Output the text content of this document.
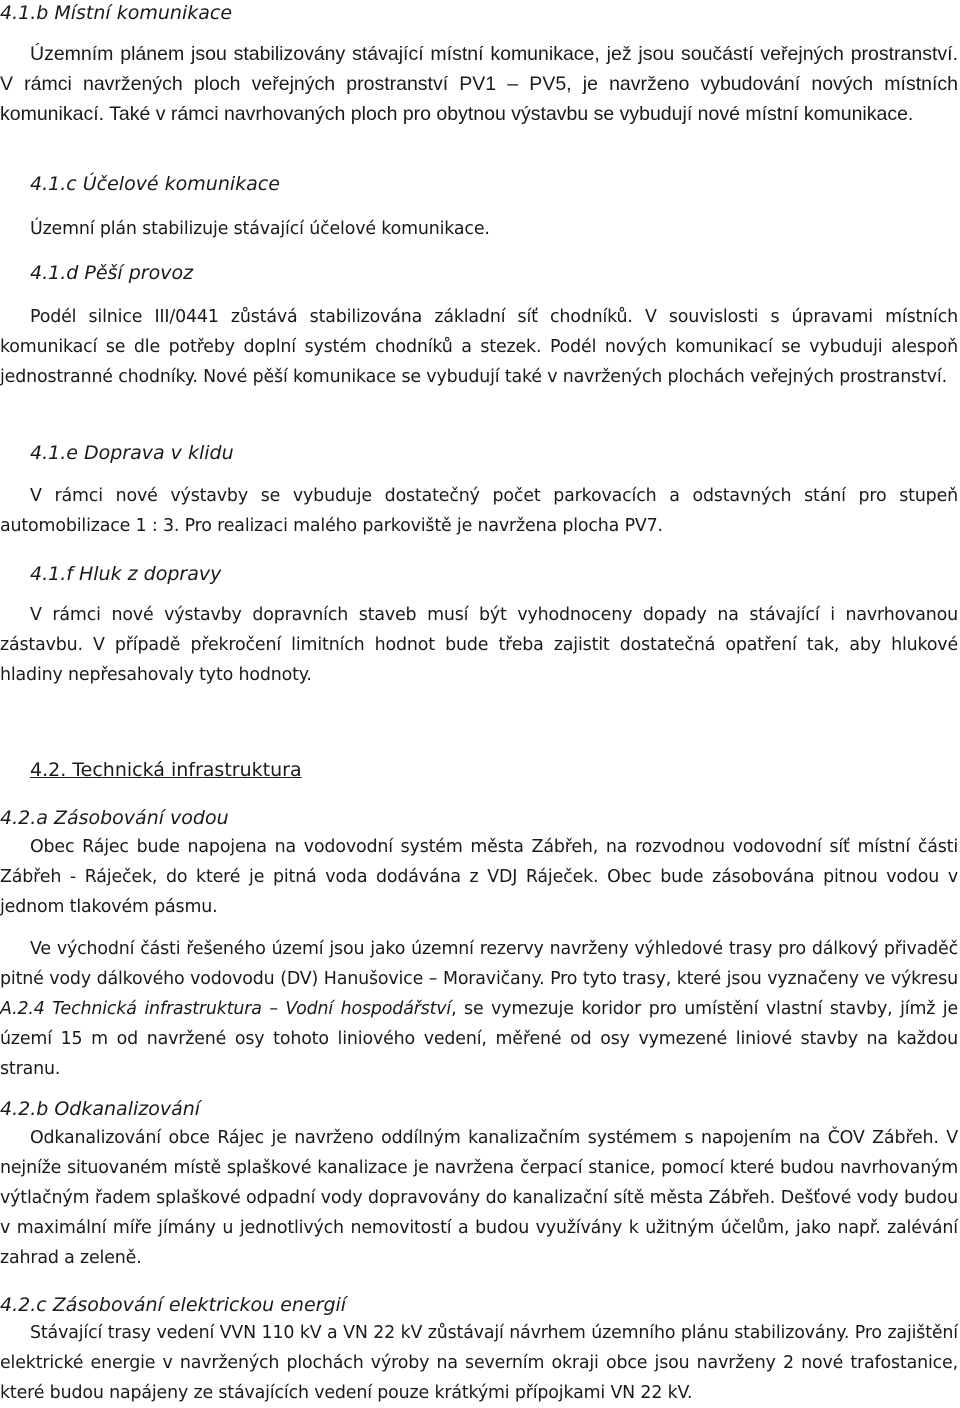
4.1.b Místní komunikace
Územním plánem jsou stabilizovány stávající místní komunikace, jež jsou součástí veřejných prostranství. V rámci navržených ploch veřejných prostranství PV1 – PV5, je navrženo vybudování nových místních komunikací. Také v rámci navrhovaných ploch pro obytnou výstavbu se vybudují nové místní komunikace.
4.1.c Účelové komunikace
Územní plán stabilizuje stávající účelové komunikace.
4.1.d Pěší provoz
Podél silnice III/0441 zůstává stabilizována základní síť chodníků. V souvislosti s úpravami místních komunikací se dle potřeby doplní systém chodníků a stezek. Podél nových komunikací se vybuduji alespoň jednostranné chodníky. Nové pěší komunikace se vybudují také v navržených plochách veřejných prostranství.
4.1.e Doprava v klidu
V rámci nové výstavby se vybuduje dostatečný počet parkovacích a odstavných stání pro stupeň automobilizace 1 : 3. Pro realizaci malého parkoviště je navržena plocha PV7.
4.1.f Hluk z dopravy
V rámci nové výstavby dopravních staveb musí být vyhodnoceny dopady na stávající i navrhovanou zástavbu. V případě překročení limitních hodnot bude třeba zajistit dostatečná opatření tak, aby hlukové hladiny nepřesahovaly tyto hodnoty.
4.2. Technická infrastruktura
4.2.a Zásobování vodou
Obec Rájec bude napojena na vodovodní systém města Zábřeh, na rozvodnou vodovodní síť místní části Zábřeh - Ráječek, do které je pitná voda dodávána z VDJ Ráječek. Obec bude zásobována pitnou vodou v jednom tlakovém pásmu.
Ve východní části řešeného území jsou jako územní rezervy navrženy výhledové trasy pro dálkový přivaděč pitné vody dálkového vodovodu (DV) Hanušovice – Moravičany. Pro tyto trasy, které jsou vyznačeny ve výkresu A.2.4 Technická infrastruktura – Vodní hospodářství, se vymezuje koridor pro umístění vlastní stavby, jímž je území 15 m od navržené osy tohoto liniového vedení, měřené od osy vymezené liniové stavby na každou stranu.
4.2.b Odkanalizování
Odkanalizování obce Rájec je navrženo oddílným kanalizačním systémem s napojením na ČOV Zábřeh. V nejníže situovaném místě splaškové kanalizace je navržena čerpací stanice, pomocí které budou navrhovaným výtlačným řadem splaškové odpadní vody dopravovány do kanalizační sítě města Zábřeh. Dešťové vody budou v maximální míře jímány u jednotlivých nemovitostí a budou využívány k užitným účelům, jako např. zalévání zahrad a zeleně.
4.2.c Zásobování elektrickou energií
Stávající trasy vedení VVN 110 kV a VN 22 kV zůstávají návrhem územního plánu stabilizovány. Pro zajištění elektrické energie v navržených plochách výroby na severním okraji obce jsou navrženy 2 nové trafostanice, které budou napájeny ze stávajících vedení pouze krátkými přípojkami VN 22 kV.
